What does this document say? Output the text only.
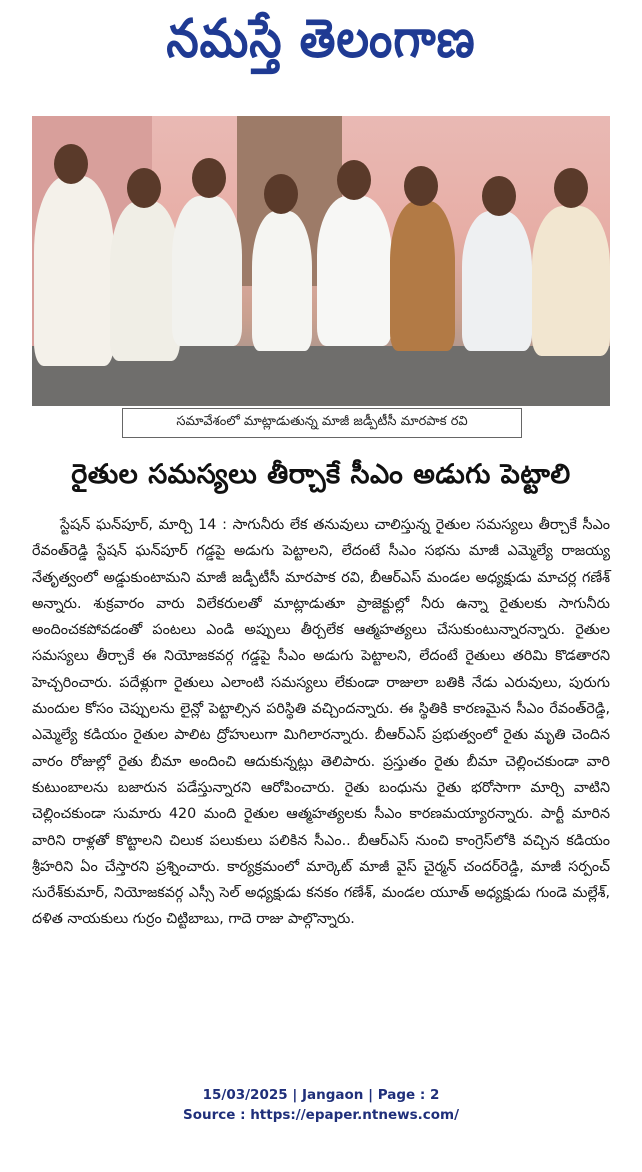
నమస్తే తెలంగాణ
సమావేశంలో మాట్లాడుతున్న మాజీ జడ్పీటీసీ మారపాక రవి
రైతుల సమస్యలు తీర్చాకే సీఎం అడుగు పెట్టాలి

స్టేషన్ ఘన్‌పూర్, మార్చి 14 : సాగునీరు లేక తనువులు చాలిస్తున్న రైతుల సమస్యలు తీర్చాకే సీఎం రేవంత్‌రెడ్డి స్టేషన్ ఘన్‌పూర్ గడ్డపై అడుగు పెట్టాలని, లేదంటే సీఎం సభను మాజీ ఎమ్మెల్యే రాజయ్య నేతృత్వంలో అడ్డుకుంటామని మాజీ జడ్పీటీసీ మారపాక రవి, బీఆర్‌ఎస్ మండల అధ్యక్షుడు మాచర్ల గణేశ్ అన్నారు. శుక్రవారం వారు విలేకరులతో మాట్లాడుతూ ప్రాజెక్టుల్లో నీరు ఉన్నా రైతులకు సాగునీరు అందించకపోవడంతో పంటలు ఎండి అప్పులు తీర్చలేక ఆత్మహత్యలు చేసుకుంటున్నారన్నారు. రైతుల సమస్యలు తీర్చాకే ఈ నియోజకవర్గ గడ్డపై సీఎం అడుగు పెట్టాలని, లేదంటే రైతులు తరిమి కొడతారని హెచ్చరించారు. పదేళ్లుగా రైతులు ఎలాంటి సమస్యలు లేకుండా రాజులా బతికి నేడు ఎరువులు, పురుగు మందుల కోసం చెప్పులను లైన్లో పెట్టాల్సిన పరిస్థితి వచ్చిందన్నారు. ఈ స్థితికి కారణమైన సీఎం రేవంత్‌రెడ్డి, ఎమ్మెల్యే కడియం రైతుల పాలిట ద్రోహులుగా మిగిలారన్నారు. బీఆర్‌ఎస్ ప్రభుత్వంలో రైతు మృతి చెందిన వారం రోజుల్లో రైతు బీమా అందించి ఆదుకున్నట్లు తెలిపారు. ప్రస్తుతం రైతు బీమా చెల్లించకుండా వారి కుటుంబాలను బజారున పడేస్తున్నారని ఆరోపించారు. రైతు బంధును రైతు భరోసాగా మార్చి వాటిని చెల్లించకుండా సుమారు 420 మంది రైతుల ఆత్మహత్యలకు సీఎం కారణమయ్యారన్నారు. పార్టీ మారిన వారిని రాళ్లతో కొట్టాలని చిలుక పలుకులు పలికిన సీఎం.. బీఆర్‌ఎస్ నుంచి కాంగ్రెస్‌లోకి వచ్చిన కడియం శ్రీహరిని ఏం చేస్తారని ప్రశ్నించారు. కార్యక్రమంలో మార్కెట్ మాజీ వైస్ చైర్మన్ చందర్‌రెడ్డి, మాజీ సర్పంచ్ సురేశ్‌కుమార్, నియోజకవర్గ ఎస్సీ సెల్ అధ్యక్షుడు కనకం గణేశ్, మండల యూత్ అధ్యక్షుడు గుండె మల్లేశ్, దళిత నాయకులు గుర్రం చిట్టిబాబు, గాదె రాజు పాల్గొన్నారు.

15/03/2025 | Jangaon | Page : 2
Source : https://epaper.ntnews.com/
